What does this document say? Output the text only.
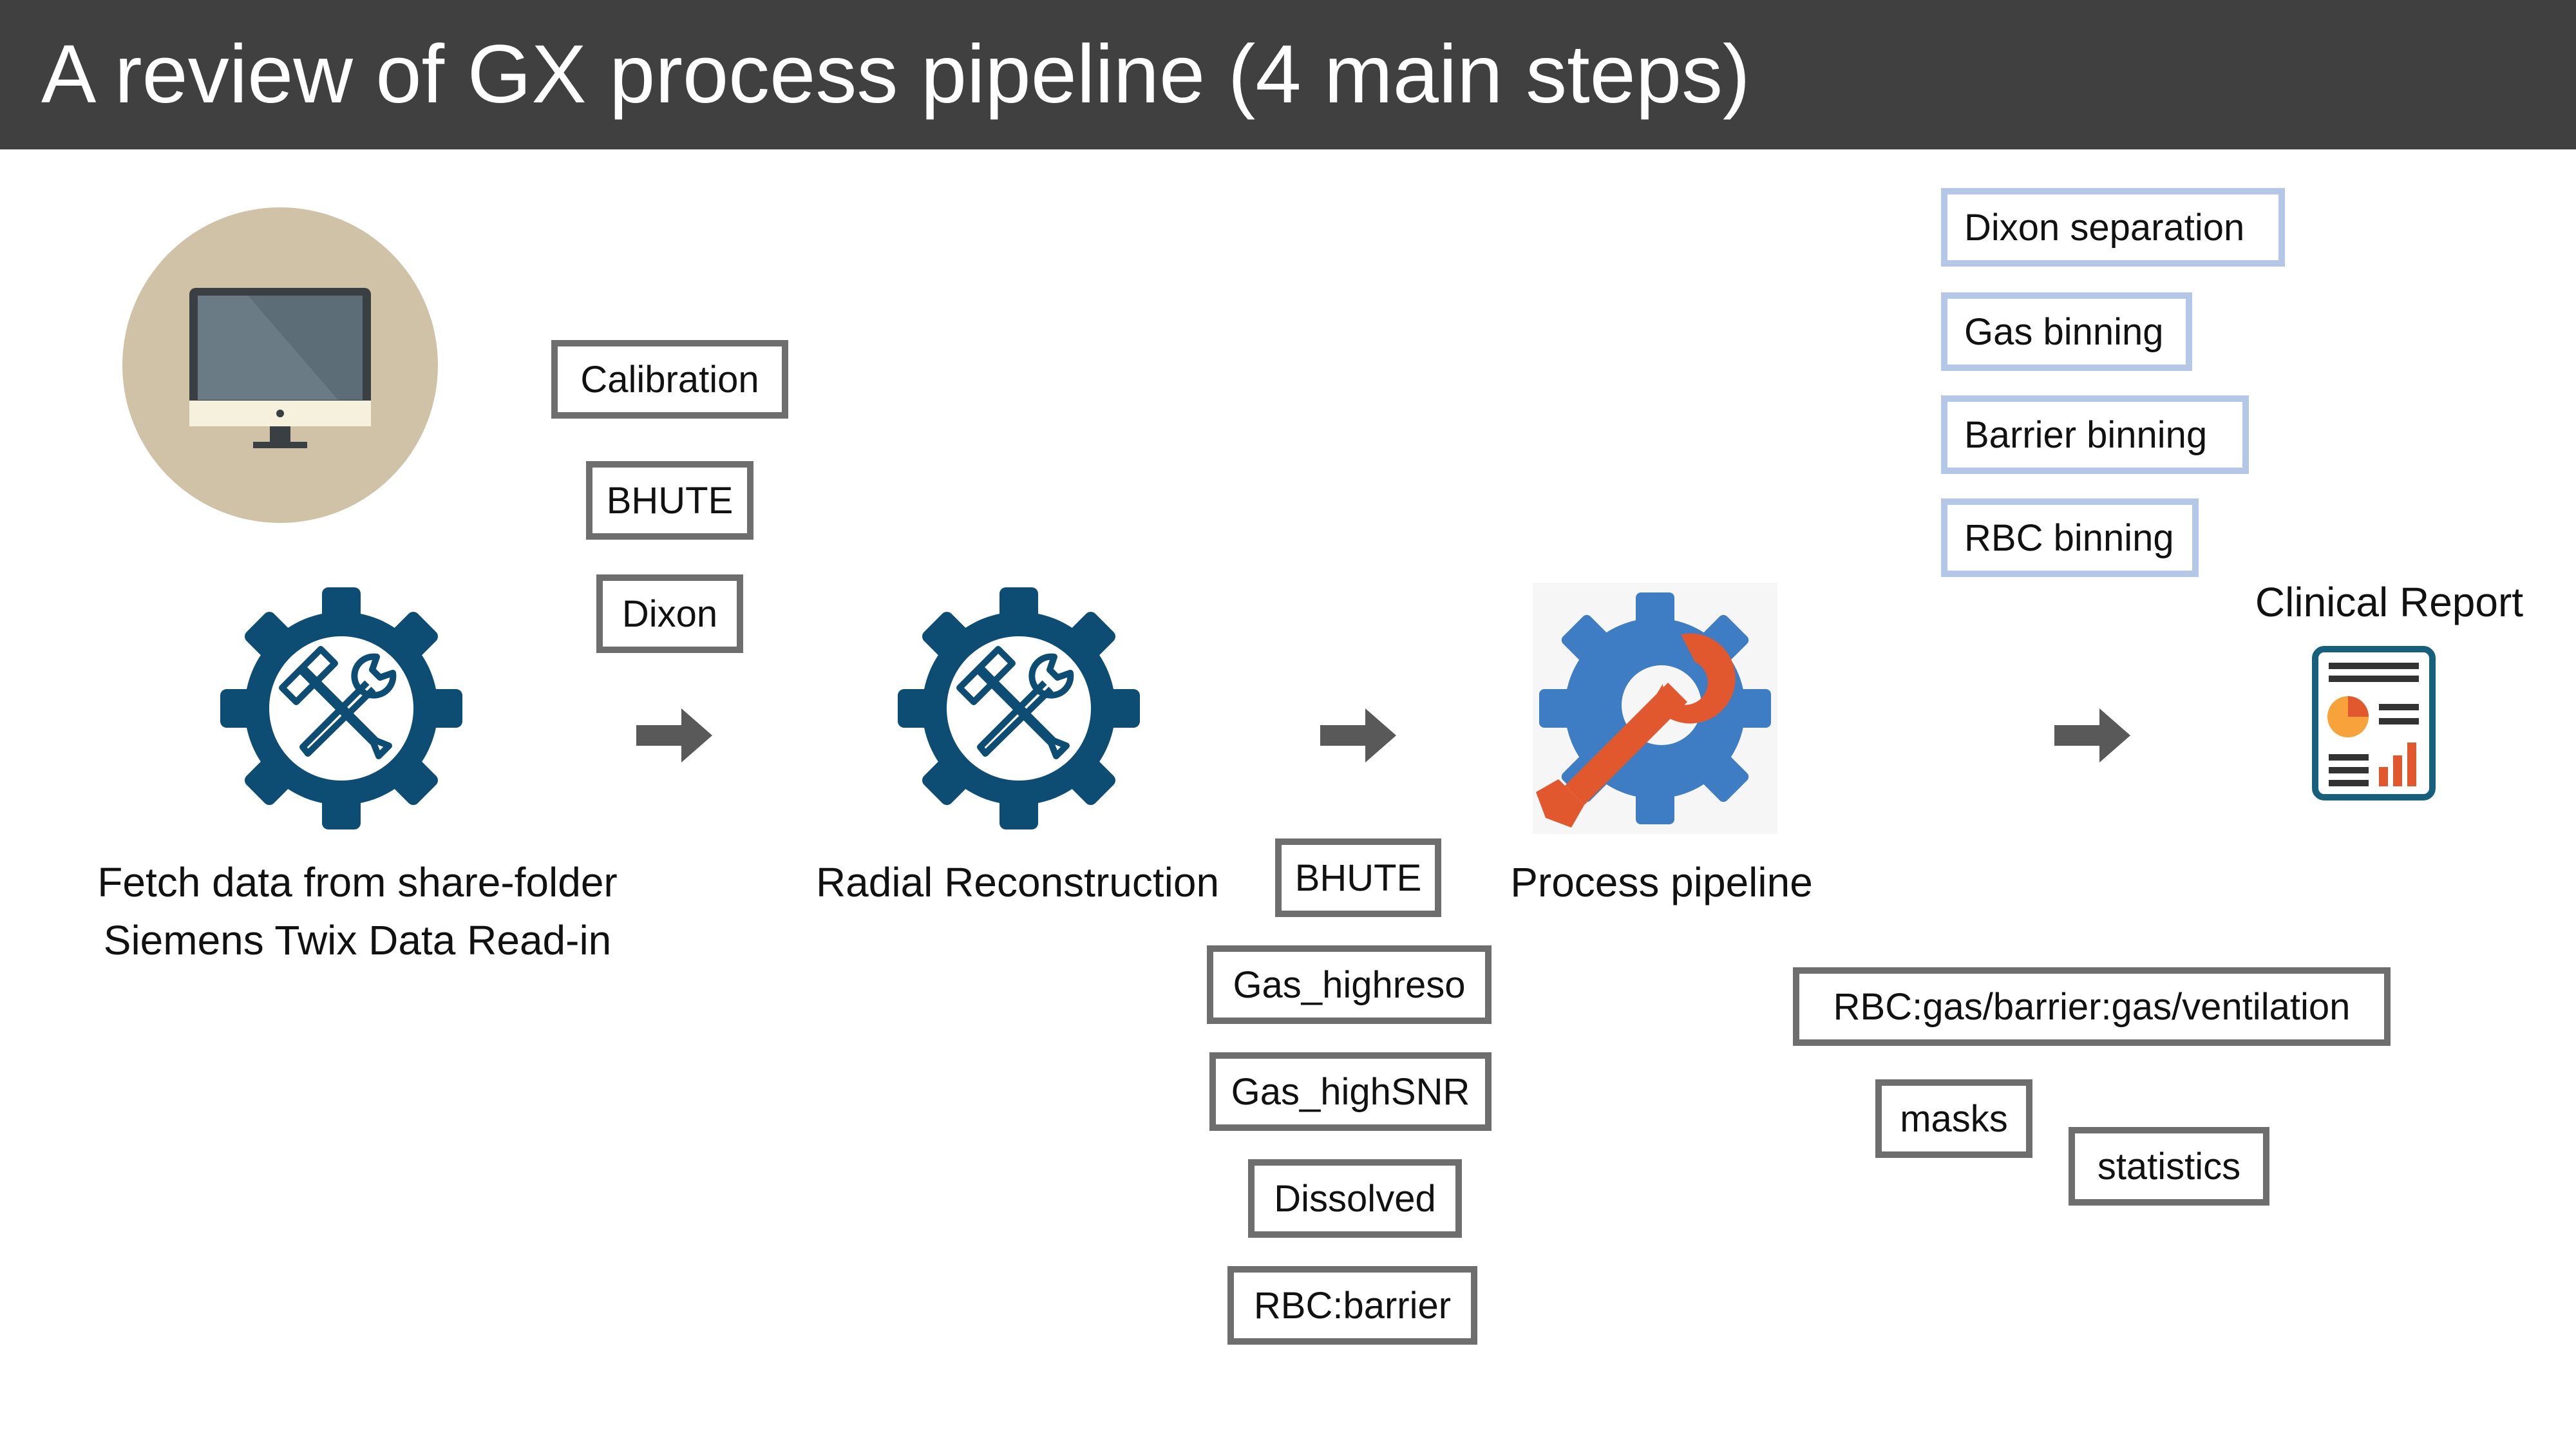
A review of GX process pipeline (4 main steps)
Fetch data from share-folder
Siemens Twix Data Read-in
Radial Reconstruction	Process pipeline
Clinical Report
Calibration
BHUTE
Dixon
BHUTE
Gas_highreso
Gas_highSNR
Dissolved
RBC:barrier
Dixon separation
Gas binning
Barrier binning
RBC binning
RBC:gas/barrier:gas/ventilation
masks
statistics
